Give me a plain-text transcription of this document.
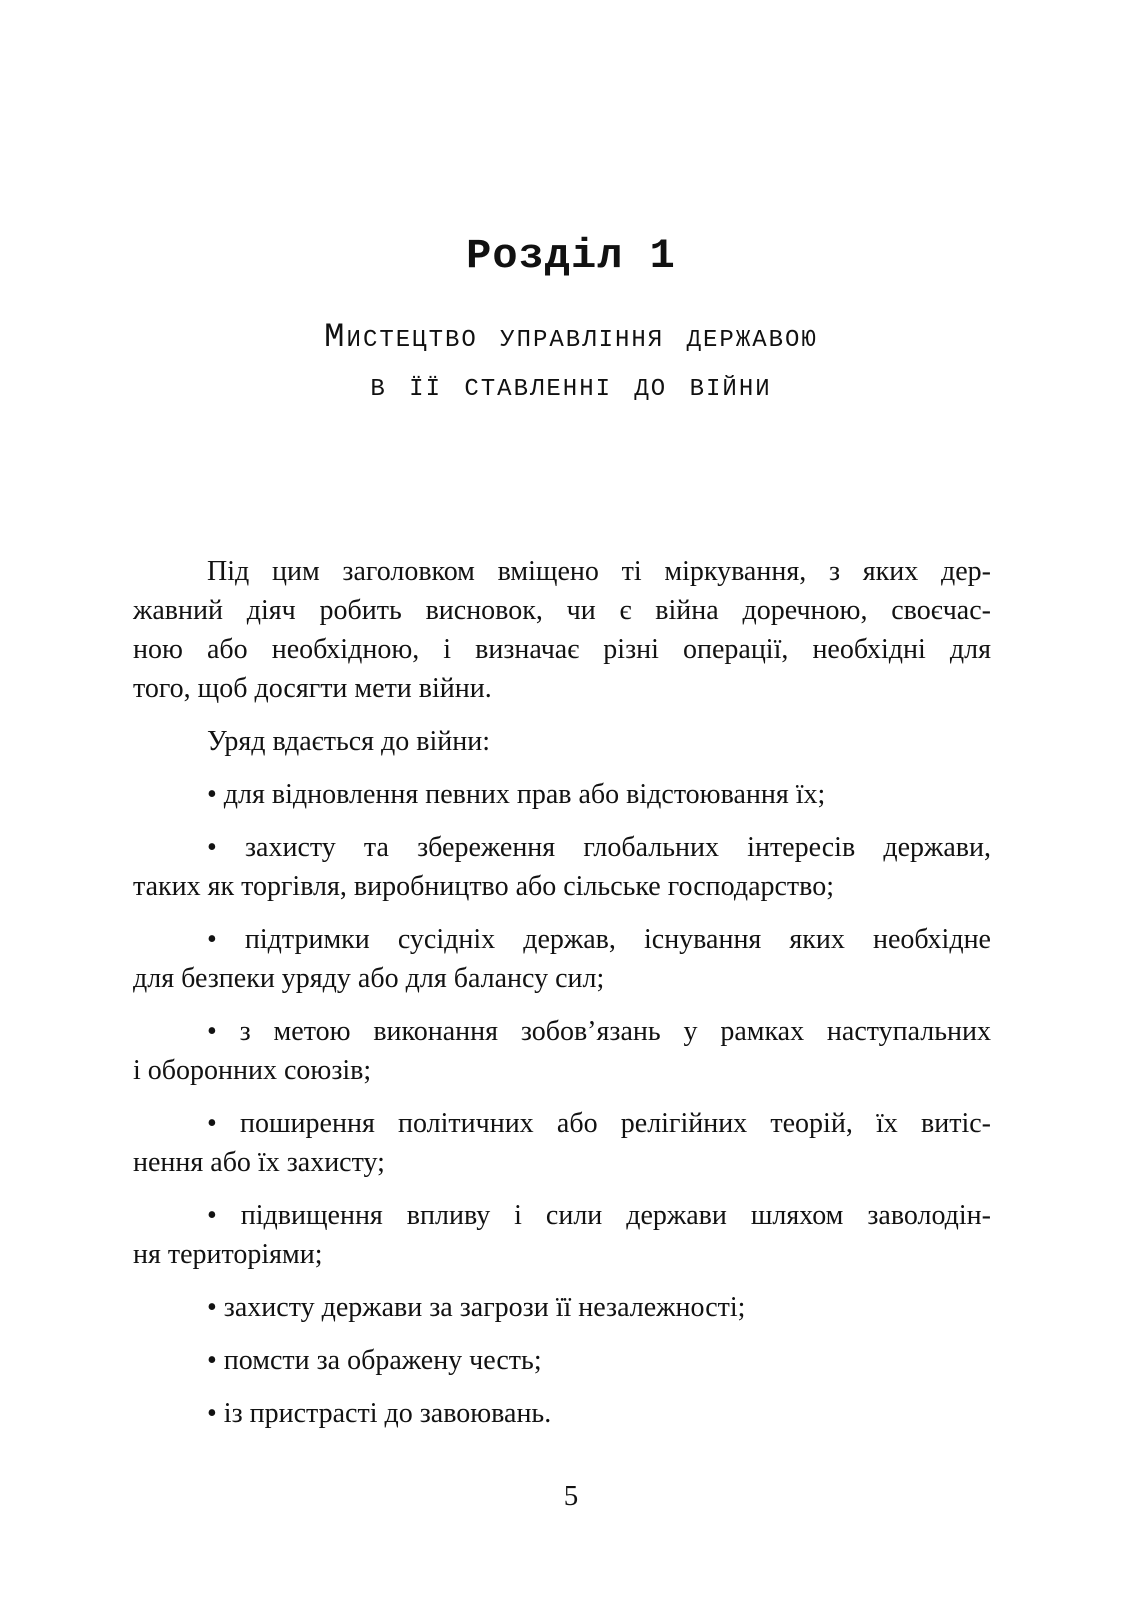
Розділ 1
Мистецтво управління державою
в її ставленні до війни
Під цим заголовком вміщено ті міркування, з яких дер-
жавний діяч робить висновок, чи є війна доречною, своєчас-
ною або необхідною, і визначає різні операції, необхідні для
того, щоб досягти мети війни.
Уряд вдається до війни:
• для відновлення певних прав або відстоювання їх;
• захисту та збереження глобальних інтересів держави,
таких як торгівля, виробництво або сільське господарство;
• підтримки сусідніх держав, існування яких необхідне
для безпеки уряду або для балансу сил;
• з метою виконання зобов’язань у рамках наступальних
і оборонних союзів;
• поширення політичних або релігійних теорій, їх витіс-
нення або їх захисту;
• підвищення впливу і сили держави шляхом заволодін-
ня територіями;
• захисту держави за загрози її незалежності;
• помсти за ображену честь;
• із пристрасті до завоювань.
5
